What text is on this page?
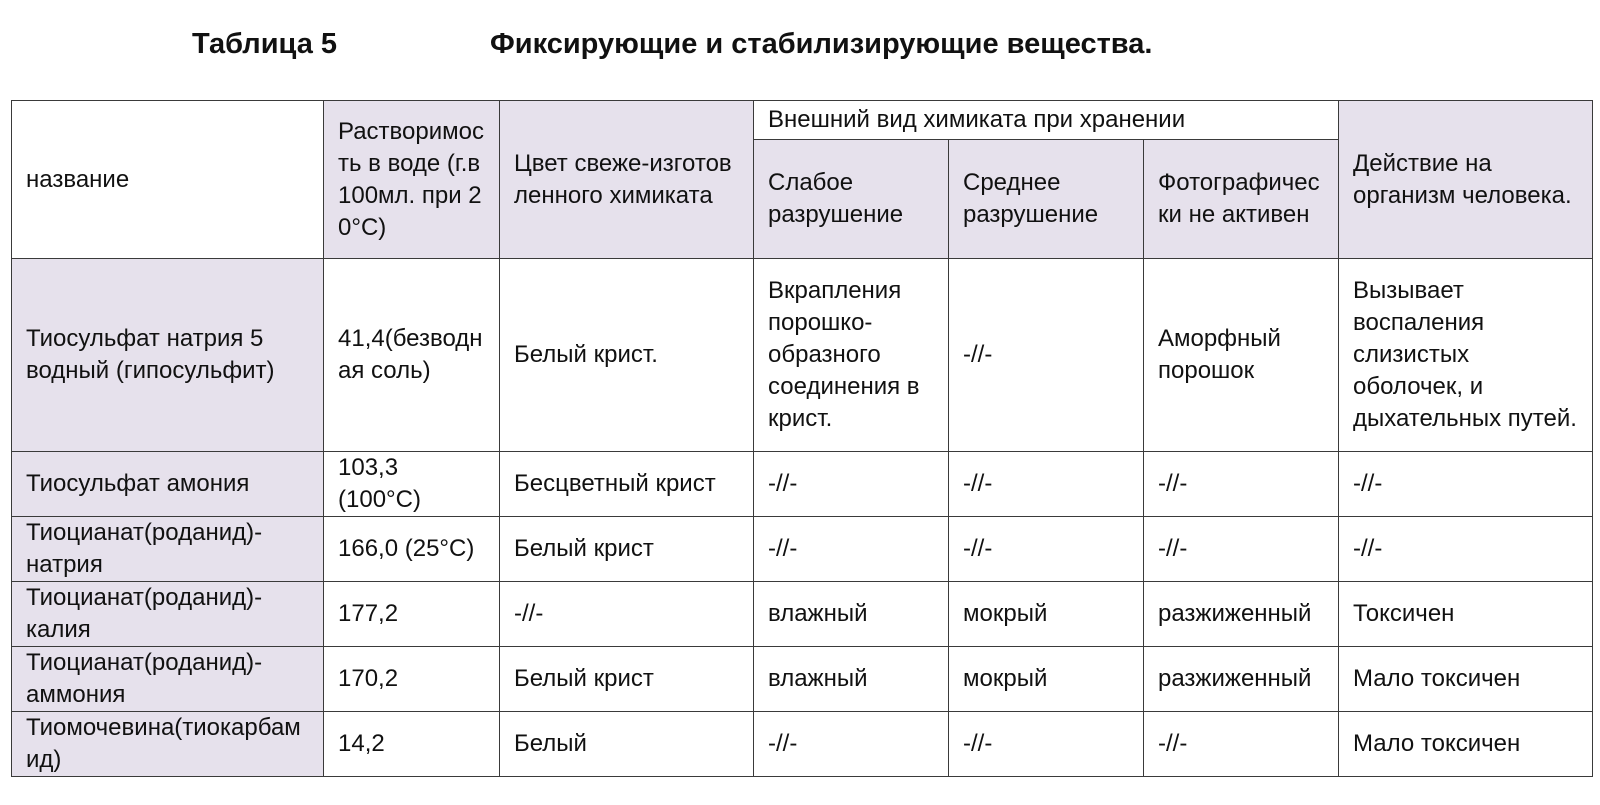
Таблица 5	Фиксирующие и стабилизирующие вещества.
название	Растворимость в воде (г.в 100мл. при 20°C)	Цвет свеже-изготовленного химиката	Внешний вид химиката при хранении			Действие на организм человека.

			Слабое разрушение	Среднее разрушение	Фотографически не активен	

Тиосульфат натрия 5 водный (гипосульфит)	41,4(безводная соль)	Белый крист.	Вкрапления порошко-образного соединения в крист.	-//-	Аморфный порошок	Вызывает воспаления слизистых оболочек, и дыхательных путей.
Тиосульфат амония	103,3 (100°C)	Бесцветный крист	-//-	-//-	-//-	-//-
Тиоцианат(роданид)-натрия	166,0 (25°C)	Белый крист	-//-	-//-	-//-	-//-
Тиоцианат(роданид)-калия	177,2	-//-	влажный	мокрый	разжиженный	Токсичен
Тиоцианат(роданид)-аммония	170,2	Белый крист	влажный	мокрый	разжиженный	Мало токсичен
Тиомочевина(тиокарбамид)	14,2	Белый	-//-	-//-	-//-	Мало токсичен
